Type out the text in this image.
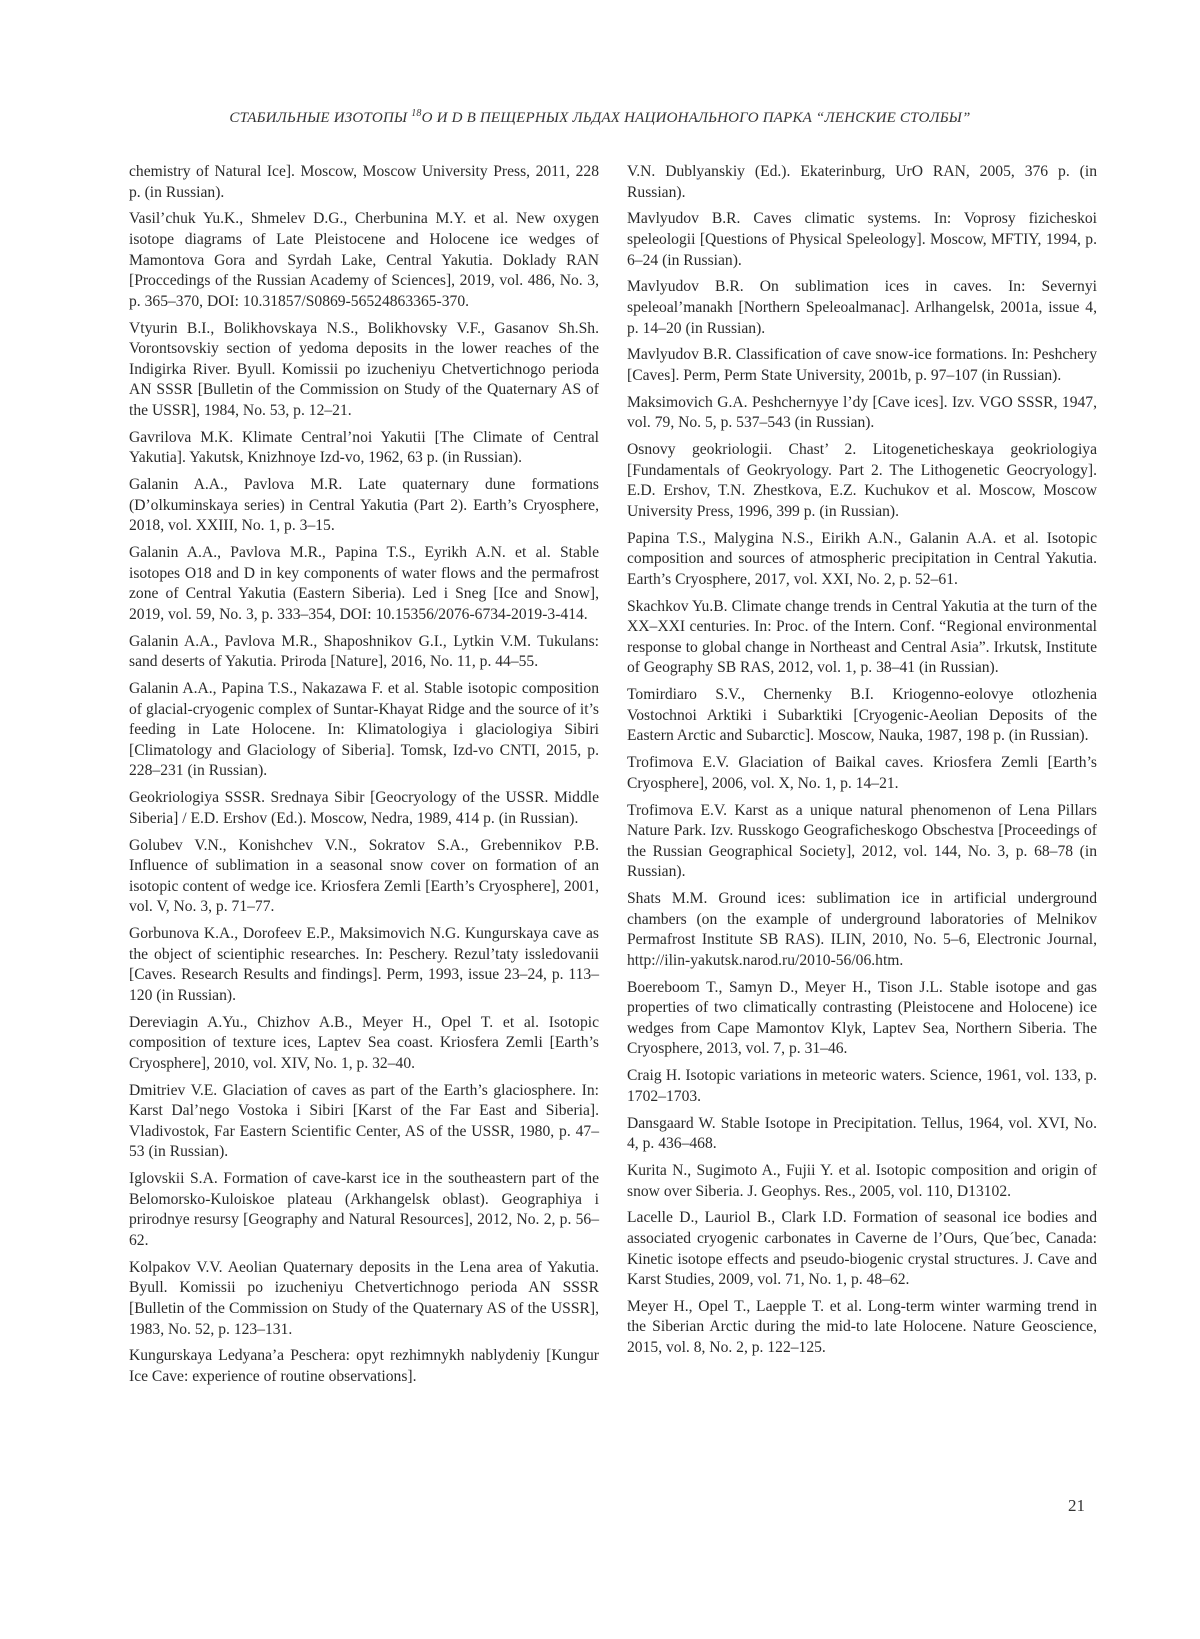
СТАБИЛЬНЫЕ ИЗОТОПЫ $^{18}$О И D В ПЕЩЕРНЫХ ЛЬДАХ НАЦИОНАЛЬНОГО ПАРКА “ЛЕНСКИЕ СТОЛБЫ”

chemistry of Natural Ice]. Moscow, Moscow University Press, 2011, 228 p. (in Russian).

Vasil’chuk Yu.K., Shmelev D.G., Cherbunina M.Y. et al. New oxygen isotope diagrams of Late Pleistocene and Holocene ice wedges of Mamontova Gora and Syrdah Lake, Central Yakutia. Doklady RAN [Proccedings of the Russian Academy of Sciences], 2019, vol. 486, No. 3, p. 365–370, DOI: 10.31857/S0869-56524863365-370.

Vtyurin B.I., Bolikhovskaya N.S., Bolikhovsky V.F., Gasanov Sh.Sh. Vorontsovskiy section of yedoma deposits in the lower reaches of the Indigirka River. Byull. Komissii po izucheniyu Chetvertichnogo perioda AN SSSR [Bulletin of the Commission on Study of the Quaternary AS of the USSR], 1984, No. 53, p. 12–21.

Gavrilova M.K. Klimate Central’noi Yakutii [The Climate of Central Yakutia]. Yakutsk, Knizhnoye Izd-vo, 1962, 63 p. (in Russian).

Galanin A.A., Pavlova M.R. Late quaternary dune formations (D’olkuminskaya series) in Central Yakutia (Part 2). Earth’s Cryosphere, 2018, vol. XXIII, No. 1, p. 3–15.

Galanin A.A., Pavlova M.R., Papina T.S., Eyrikh A.N. et al. Stable isotopes O18 and D in key components of water flows and the permafrost zone of Central Yakutia (Eastern Siberia). Led i Sneg [Ice and Snow], 2019, vol. 59, No. 3, p. 333–354, DOI: 10.15356/2076-6734-2019-3-414.

Galanin A.A., Pavlova M.R., Shaposhnikov G.I., Lytkin V.M. Tukulans: sand deserts of Yakutia. Priroda [Nature], 2016, No. 11, p. 44–55.

Galanin A.A., Papina T.S., Nakazawa F. et al. Stable isotopic composition of glacial-cryogenic complex of Suntar-Khayat Ridge and the source of it’s feeding in Late Holocene. In: Klimatologiya i glaciologiya Sibiri [Climatology and Glaciology of Siberia]. Tomsk, Izd-vo CNTI, 2015, p. 228–231 (in Russian).

Geokriologiya SSSR. Srednaya Sibir [Geocryology of the USSR. Middle Siberia] / E.D. Ershov (Ed.). Moscow, Nedra, 1989, 414 p. (in Russian).

Golubev V.N., Konishchev V.N., Sokratov S.A., Grebennikov P.B. Influence of sublimation in a seasonal snow cover on formation of an isotopic content of wedge ice. Kriosfera Zemli [Earth’s Cryosphere], 2001, vol. V, No. 3, p. 71–77.

Gorbunova K.A., Dorofeev E.P., Maksimovich N.G. Kungurskaya cave as the object of scientiphic researches. In: Peschery. Rezul’taty issledovanii [Caves. Research Results and findings]. Perm, 1993, issue 23–24, p. 113–120 (in Russian).

Dereviagin A.Yu., Chizhov A.B., Meyer H., Opel T. et al. Isotopic composition of texture ices, Laptev Sea coast. Kriosfera Zemli [Earth’s Cryosphere], 2010, vol. XIV, No. 1, p. 32–40.

Dmitriev V.E. Glaciation of caves as part of the Earth’s glaciosphere. In: Karst Dal’nego Vostoka i Sibiri [Karst of the Far East and Siberia]. Vladivostok, Far Eastern Scientific Center, AS of the USSR, 1980, p. 47–53 (in Russian).

Iglovskii S.A. Formation of cave-karst ice in the southeastern part of the Belomorsko-Kuloiskoe plateau (Arkhangelsk oblast). Geographiya i prirodnye resursy [Geography and Natural Resources], 2012, No. 2, p. 56–62.

Kolpakov V.V. Aeolian Quaternary deposits in the Lena area of Yakutia. Byull. Komissii po izucheniyu Chetvertichnogo perioda AN SSSR [Bulletin of the Commission on Study of the Quaternary AS of the USSR], 1983, No. 52, p. 123–131.

Kungurskaya Ledyana’a Peschera: opyt rezhimnykh nablydeniy [Kungur Ice Cave: experience of routine observations].

V.N. Dublyanskiy (Ed.). Ekaterinburg, UrO RAN, 2005, 376 p. (in Russian).

Mavlyudov B.R. Caves climatic systems. In: Voprosy fizicheskoi speleologii [Questions of Physical Speleology]. Moscow, MFTIY, 1994, p. 6–24 (in Russian).

Mavlyudov B.R. On sublimation ices in caves. In: Severnyi speleoal’manakh [Northern Speleoalmanac]. Arlhangelsk, 2001a, issue 4, p. 14–20 (in Russian).

Mavlyudov B.R. Classification of cave snow-ice formations. In: Peshchery [Caves]. Perm, Perm State University, 2001b, p. 97–107 (in Russian).

Maksimovich G.A. Peshchernyye l’dy [Cave ices]. Izv. VGO SSSR, 1947, vol. 79, No. 5, p. 537–543 (in Russian).

Osnovy geokriologii. Chast’ 2. Litogeneticheskaya geokriologiya [Fundamentals of Geokryology. Part 2. The Lithogenetic Geocryology]. E.D. Ershov, T.N. Zhestkova, E.Z. Kuchukov et al. Moscow, Moscow University Press, 1996, 399 p. (in Russian).

Papina T.S., Malygina N.S., Eirikh A.N., Galanin A.A. et al. Isotopic composition and sources of atmospheric precipitation in Central Yakutia. Earth’s Cryosphere, 2017, vol. XXI, No. 2, p. 52–61.

Skachkov Yu.B. Climate change trends in Central Yakutia at the turn of the XX–XXI centuries. In: Proc. of the Intern. Conf. “Regional environmental response to global change in Northeast and Central Asia”. Irkutsk, Institute of Geography SB RAS, 2012, vol. 1, p. 38–41 (in Russian).

Tomirdiaro S.V., Chernenky B.I. Kriogenno-eolovye otlozhenia Vostochnoi Arktiki i Subarktiki [Cryogenic-Aeolian Deposits of the Eastern Arctic and Subarctic]. Moscow, Nauka, 1987, 198 p. (in Russian).

Trofimova E.V. Glaciation of Baikal caves. Kriosfera Zemli [Earth’s Cryosphere], 2006, vol. X, No. 1, p. 14–21.

Trofimova E.V. Karst as a unique natural phenomenon of Lena Pillars Nature Park. Izv. Russkogo Geograficheskogo Obschestva [Proceedings of the Russian Geographical Society], 2012, vol. 144, No. 3, p. 68–78 (in Russian).

Shats M.M. Ground ices: sublimation ice in artificial underground chambers (on the example of underground laboratories of Melnikov Permafrost Institute SB RAS). ILIN, 2010, No. 5–6, Electronic Journal, http://ilin-yakutsk.narod.ru/2010-56/06.htm.

Boereboom T., Samyn D., Meyer H., Tison J.L. Stable isotope and gas properties of two climatically contrasting (Pleistocene and Holocene) ice wedges from Cape Mamontov Klyk, Laptev Sea, Northern Siberia. The Cryosphere, 2013, vol. 7, p. 31–46.

Craig H. Isotopic variations in meteoric waters. Science, 1961, vol. 133, p. 1702–1703.

Dansgaard W. Stable Isotope in Precipitation. Tellus, 1964, vol. XVI, No. 4, p. 436–468.

Kurita N., Sugimoto A., Fujii Y. et al. Isotopic composition and origin of snow over Siberia. J. Geophys. Res., 2005, vol. 110, D13102.

Lacelle D., Lauriol B., Clark I.D. Formation of seasonal ice bodies and associated cryogenic carbonates in Caverne de l’Ours, Que´bec, Canada: Kinetic isotope effects and pseudo-biogenic crystal structures. J. Cave and Karst Studies, 2009, vol. 71, No. 1, p. 48–62.

Meyer H., Opel T., Laepple T. et al. Long-term winter warming trend in the Siberian Arctic during the mid-to late Holocene. Nature Geoscience, 2015, vol. 8, No. 2, p. 122–125.

21
